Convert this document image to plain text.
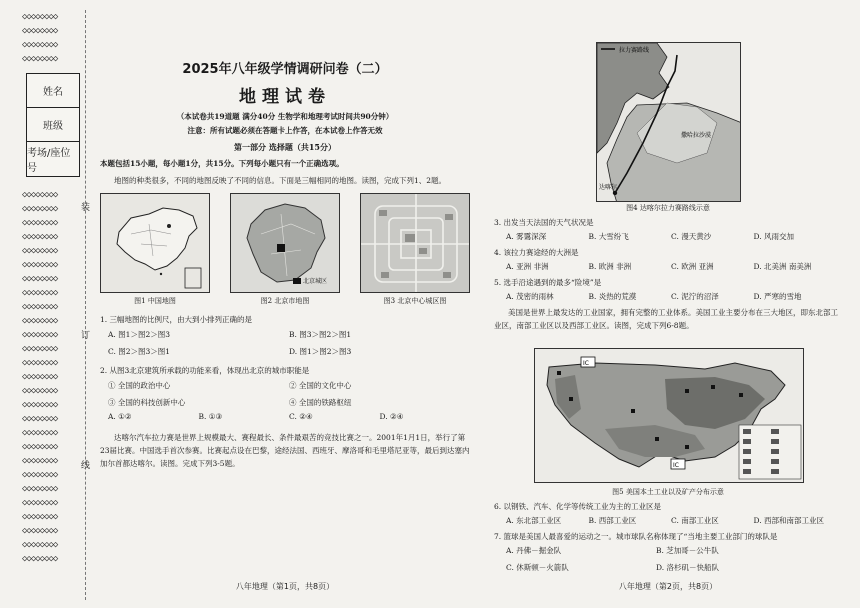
◇◇◇◇◇◇◇◇
◇◇◇◇◇◇◇◇
◇◇◇◇◇◇◇◇
◇◇◇◇◇◇◇◇
姓名
班级
考场/座位号
◇◇◇◇◇◇◇◇
◇◇◇◇◇◇◇◇
◇◇◇◇◇◇◇◇
◇◇◇◇◇◇◇◇
◇◇◇◇◇◇◇◇
◇◇◇◇◇◇◇◇
◇◇◇◇◇◇◇◇
◇◇◇◇◇◇◇◇
◇◇◇◇◇◇◇◇
◇◇◇◇◇◇◇◇
◇◇◇◇◇◇◇◇
◇◇◇◇◇◇◇◇
◇◇◇◇◇◇◇◇
◇◇◇◇◇◇◇◇
◇◇◇◇◇◇◇◇
◇◇◇◇◇◇◇◇
◇◇◇◇◇◇◇◇
◇◇◇◇◇◇◇◇
◇◇◇◇◇◇◇◇
◇◇◇◇◇◇◇◇
◇◇◇◇◇◇◇◇
◇◇◇◇◇◇◇◇
◇◇◇◇◇◇◇◇
◇◇◇◇◇◇◇◇
◇◇◇◇◇◇◇◇
◇◇◇◇◇◇◇◇
◇◇◇◇◇◇◇◇
装
订
线
2025年八年级学情调研问卷（二）
地理试卷
（本试卷共19道题 满分40分 生物学和地理考试时间共90分钟）
注意：所有试题必须在答题卡上作答，在本试卷上作答无效
第一部分 选择题（共15分）
本题包括15小题，每小题1分，共15分。下列每小题只有一个正确选项。
地图的种类很多，不同的地图反映了不同的信息。下面是三幅相同的地图。读图，完成下列1、2题。
北京城区
图1 中国地图	图2 北京市地图	图3 北京中心城区图
1. 三幅地图的比例尺，由大到小排列正确的是
A. 图1＞图2＞图3	B. 图3＞图2＞图1
C. 图2＞图3＞图1	D. 图1＞图2＞图3
2. 从图3北京建筑所承载的功能来看，体现出北京的城市职能是
① 全国的政治中心	② 全国的文化中心
③ 全国的科技创新中心	④ 全国的铁路枢纽
A. ①②	B. ①③	C. ②④	D. ②④
达喀尔汽车拉力赛是世界上规模最大、赛程最长、条件最艰苦的竞技比赛之一。2001年1月1日，举行了第23届比赛。中国选手首次参赛。比赛起点设在巴黎，途经法国、西班牙、摩洛哥和毛里塔尼亚等，最后到达塞内加尔首都达喀尔。读图。完成下列3-5题。
八年地理（第1页，共8页）
拉力赛路线
撒哈拉沙漠
达喀尔
图4 达喀尔拉力赛路线示意
3. 出发当天法国的天气状况是
A. 雾霭深深	B. 大雪纷飞	C. 漫天黄沙	D. 风雨交加
4. 该拉力赛途经的大洲是
A. 亚洲 非洲	B. 欧洲 非洲	C. 欧洲 亚洲	D. 北美洲 南美洲
5. 选手沿途遇到的最多“险境”是
A. 茂密的雨林	B. 炎热的荒漠	C. 泥泞的沼泽	D. 严寒的雪地
美国是世界上最发达的工业国家，拥有完整的工业体系。美国工业主要分布在三大地区，即东北部工业区，南部工业区以及西部工业区。读图，完成下列6-8题。
IC
IC
图5 美国本土工业以及矿产分布示意
6. 以钢铁、汽车、化学等传统工业为主的工业区是
A. 东北部工业区	B. 西部工业区	C. 南部工业区	D. 西部和南部工业区
7. 篮球是美国人最喜爱的运动之一。城市球队名称体现了“当地主要工业部门的球队是
A. 丹佛－掘金队	B. 芝加哥－公牛队
C. 休斯顿－火箭队	D. 洛杉矶－快船队
八年地理（第2页，共8页）
